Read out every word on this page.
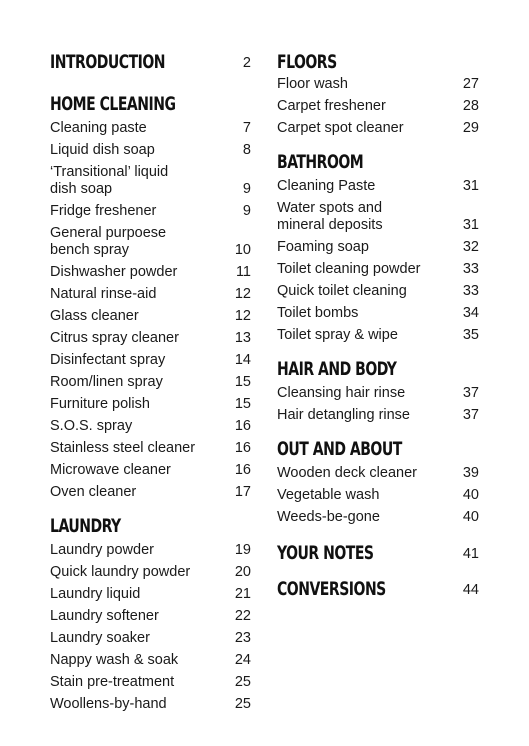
INTRODUCTION	2
HOME CLEANING
Cleaning paste	7
Liquid dish soap	8
‘Transitional’ liquid
dish soap	9
Fridge freshener	9
General purpoese
bench spray	10
Dishwasher powder	11
Natural rinse-aid	12
Glass cleaner	12
Citrus spray cleaner	13
Disinfectant spray	14
Room/linen spray	15
Furniture polish	15
S.O.S. spray	16
Stainless steel cleaner	16
Microwave cleaner	16
Oven cleaner	17
LAUNDRY
Laundry powder	19
Quick laundry powder	20
Laundry liquid	21
Laundry softener	22
Laundry soaker	23
Nappy wash & soak	24
Stain pre-treatment	25
Woollens-by-hand	25
FLOORS
Floor wash	27
Carpet freshener	28
Carpet spot cleaner	29
BATHROOM
Cleaning Paste	31
Water spots and
mineral deposits	31
Foaming soap	32
Toilet cleaning powder	33
Quick toilet cleaning	33
Toilet bombs	34
Toilet spray & wipe	35
HAIR AND BODY
Cleansing hair rinse	37
Hair detangling rinse	37
OUT AND ABOUT
Wooden deck cleaner	39
Vegetable wash	40
Weeds-be-gone	40
YOUR NOTES	41
CONVERSIONS	44
